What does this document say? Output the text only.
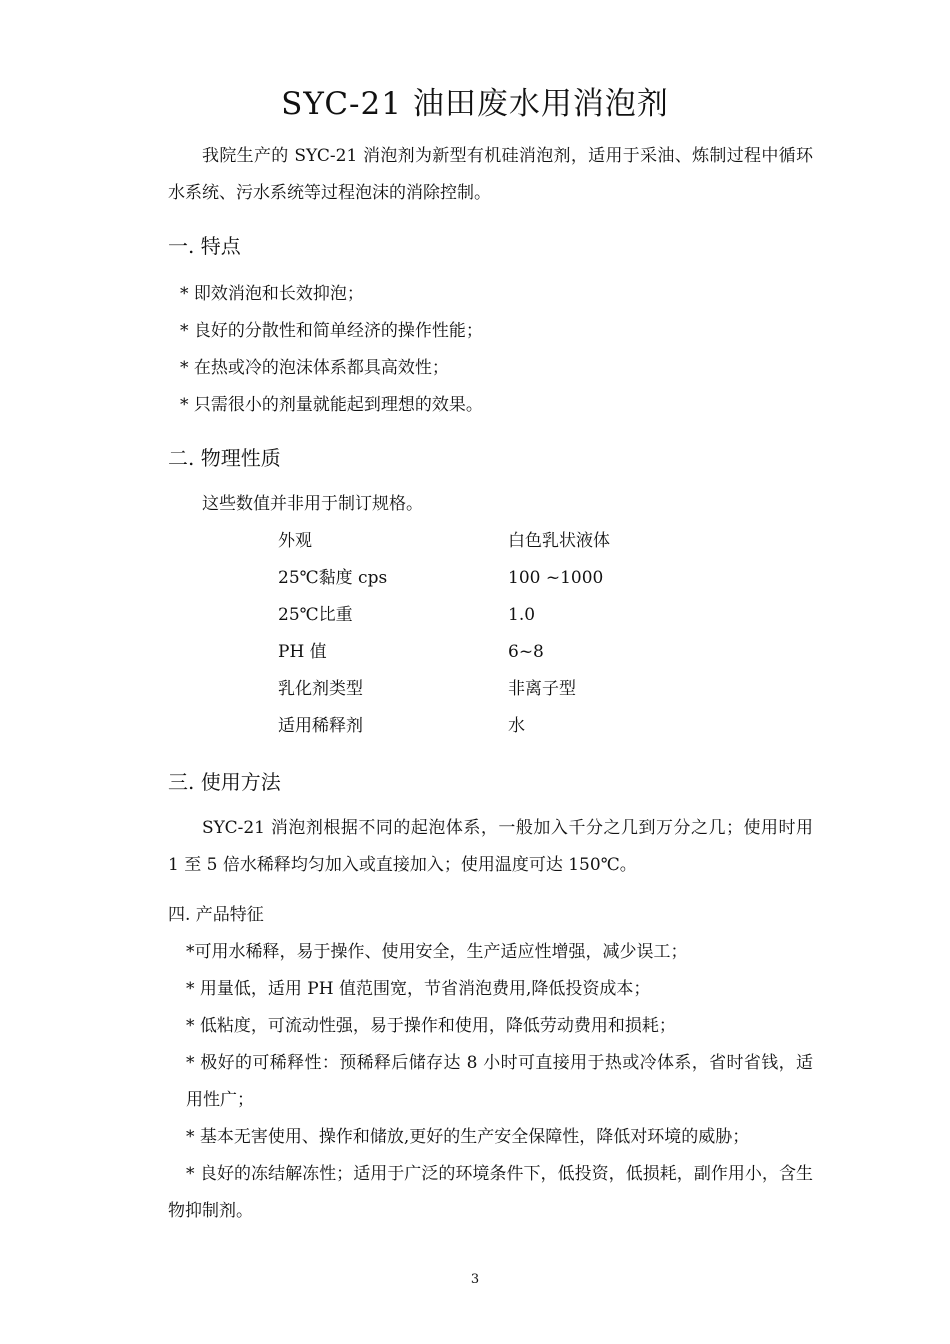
SYC-21 油田废水用消泡剂
我院生产的 SYC-21 消泡剂为新型有机硅消泡剂，适用于采油、炼制过程中循环水系统、污水系统等过程泡沫的消除控制。
一. 特点
* 即效消泡和长效抑泡；
* 良好的分散性和简单经济的操作性能；
* 在热或冷的泡沫体系都具高效性；
* 只需很小的剂量就能起到理想的效果。
二. 物理性质
这些数值并非用于制订规格。
外观	白色乳状液体
25℃黏度 cps	100 ~1000
25℃比重	1.0
PH 值	6~8
乳化剂类型	非离子型
适用稀释剂	水
三. 使用方法
SYC-21 消泡剂根据不同的起泡体系，一般加入千分之几到万分之几；使用时用 1 至 5 倍水稀释均匀加入或直接加入；使用温度可达 150℃。
四. 产品特征
*可用水稀释，易于操作、使用安全，生产适应性增强，减少误工；
* 用量低，适用 PH 值范围宽，节省消泡费用,降低投资成本；
* 低粘度，可流动性强，易于操作和使用，降低劳动费用和损耗；
* 极好的可稀释性：预稀释后储存达 8 小时可直接用于热或冷体系，省时省钱，适用性广；
* 基本无害使用、操作和储放,更好的生产安全保障性，降低对环境的威胁；
* 良好的冻结解冻性；适用于广泛的环境条件下，低投资，低损耗，副作用小，含生物抑制剂。
3
